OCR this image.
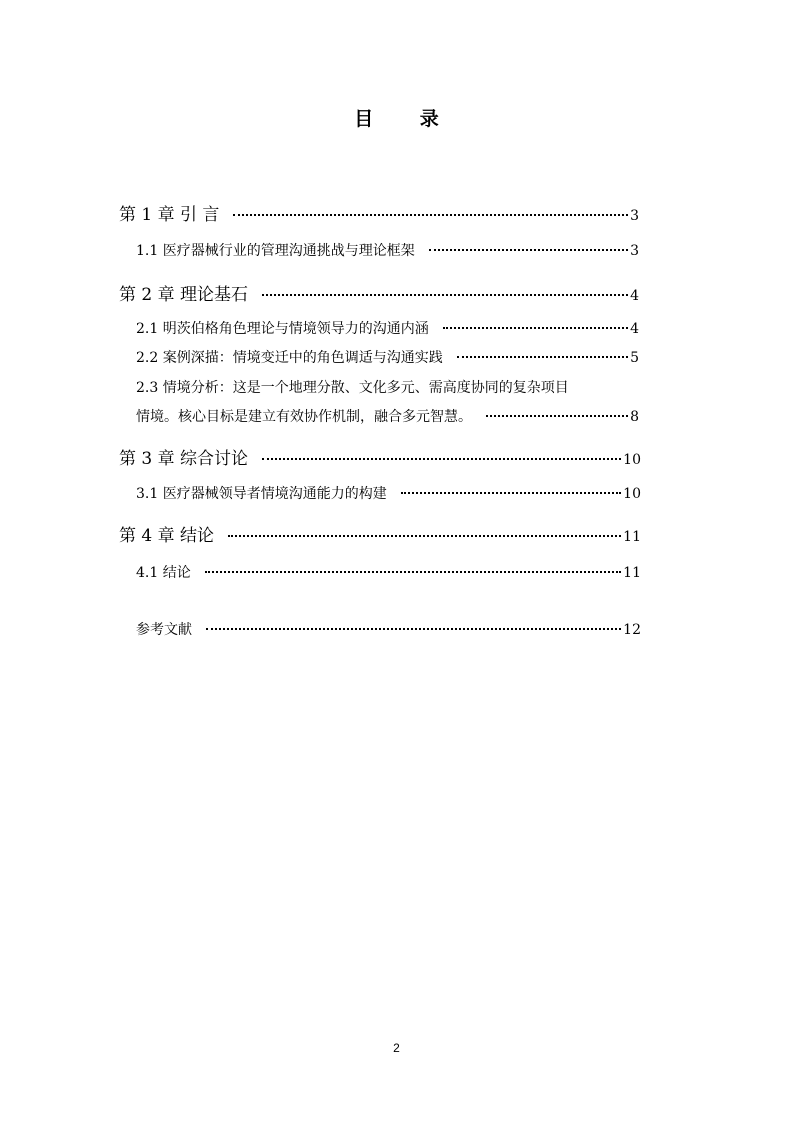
目 录
第 1 章 引 言	3
1.1 医疗器械行业的管理沟通挑战与理论框架	3
第 2 章 理论基石	4
2.1 明茨伯格角色理论与情境领导力的沟通内涵	4
2.2 案例深描：情境变迁中的角色调适与沟通实践	5
2.3 情境分析：这是一个地理分散、文化多元、需高度协同的复杂项目
情境。核心目标是建立有效协作机制，融合多元智慧。	8
第 3 章 综合讨论	10
3.1 医疗器械领导者情境沟通能力的构建	10
第 4 章 结论	11
4.1 结论	11
参考文献	12
2
